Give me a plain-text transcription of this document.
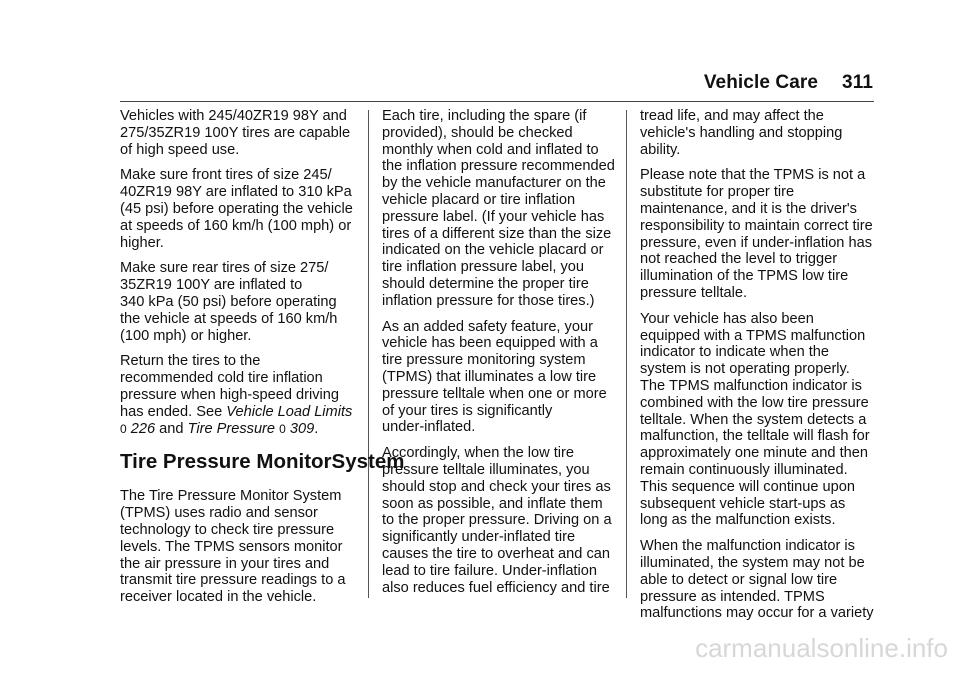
Vehicle Care 311

Vehicles with 245/40ZR19 98Y and
275/35ZR19 100Y tires are capable
of high speed use.

Make sure front tires of size 245/
40ZR19 98Y are inflated to 310 kPa
(45 psi) before operating the vehicle
at speeds of 160 km/h (100 mph) or
higher.

Make sure rear tires of size 275/
35ZR19 100Y are inflated to
340 kPa (50 psi) before operating
the vehicle at speeds of 160 km/h
(100 mph) or higher.

Return the tires to the
recommended cold tire inflation
pressure when high-speed driving
has ended. See Vehicle Load Limits
0 226 and Tire Pressure 0 309.

Tire Pressure MonitorSystem

The Tire Pressure Monitor System
(TPMS) uses radio and sensor
technology to check tire pressure
levels. The TPMS sensors monitor
the air pressure in your tires and
transmit tire pressure readings to a
receiver located in the vehicle.

Each tire, including the spare (if
provided), should be checked
monthly when cold and inflated to
the inflation pressure recommended
by the vehicle manufacturer on the
vehicle placard or tire inflation
pressure label. (If your vehicle has
tires of a different size than the size
indicated on the vehicle placard or
tire inflation pressure label, you
should determine the proper tire
inflation pressure for those tires.)

As an added safety feature, your
vehicle has been equipped with a
tire pressure monitoring system
(TPMS) that illuminates a low tire
pressure telltale when one or more
of your tires is significantly
under-inflated.

Accordingly, when the low tire
pressure telltale illuminates, you
should stop and check your tires as
soon as possible, and inflate them
to the proper pressure. Driving on a
significantly under-inflated tire
causes the tire to overheat and can
lead to tire failure. Under-inflation
also reduces fuel efficiency and tire

tread life, and may affect the
vehicle's handling and stopping
ability.

Please note that the TPMS is not a
substitute for proper tire
maintenance, and it is the driver's
responsibility to maintain correct tire
pressure, even if under-inflation has
not reached the level to trigger
illumination of the TPMS low tire
pressure telltale.

Your vehicle has also been
equipped with a TPMS malfunction
indicator to indicate when the
system is not operating properly.
The TPMS malfunction indicator is
combined with the low tire pressure
telltale. When the system detects a
malfunction, the telltale will flash for
approximately one minute and then
remain continuously illuminated.
This sequence will continue upon
subsequent vehicle start-ups as
long as the malfunction exists.

When the malfunction indicator is
illuminated, the system may not be
able to detect or signal low tire
pressure as intended. TPMS
malfunctions may occur for a variety

carmanualsonline.info
